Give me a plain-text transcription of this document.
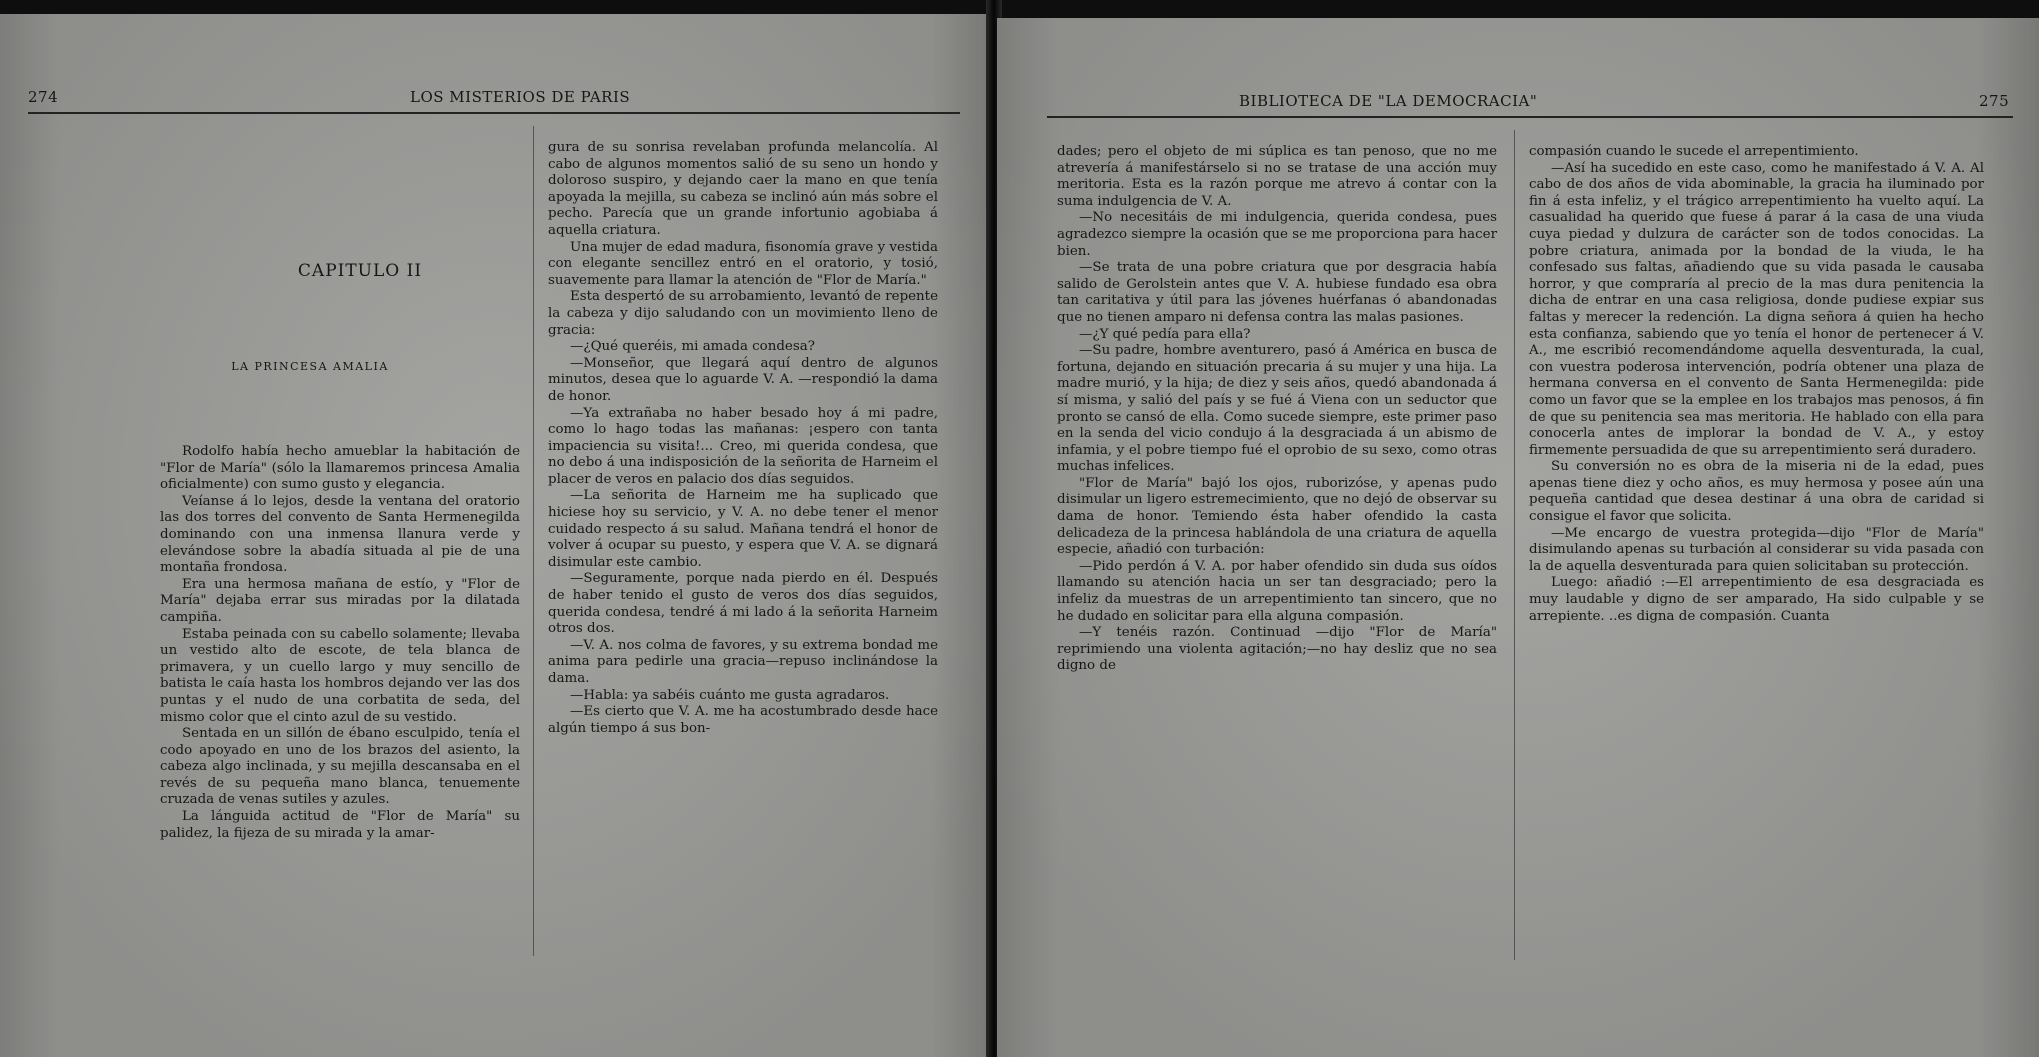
274	LOS MISTERIOS DE PARIS
CAPITULO II
LA PRINCESA AMALIA

Rodolfo había hecho amueblar la habitación de "Flor de María" (sólo la llamaremos princesa Amalia oficialmente) con sumo gusto y elegancia.

Veíanse á lo lejos, desde la ventana del oratorio las dos torres del convento de Santa Hermenegilda dominando con una inmensa llanura verde y elevándose sobre la abadía situada al pie de una montaña frondosa.

Era una hermosa mañana de estío, y "Flor de María" dejaba errar sus miradas por la dilatada campiña.

Estaba peinada con su cabello solamente; llevaba un vestido alto de escote, de tela blanca de primavera, y un cuello largo y muy sencillo de batista le caía hasta los hombros dejando ver las dos puntas y el nudo de una corbatita de seda, del mismo color que el cinto azul de su vestido.

Sentada en un sillón de ébano esculpido, tenía el codo apoyado en uno de los brazos del asiento, la cabeza algo inclinada, y su mejilla descansaba en el revés de su pequeña mano blanca, tenuemente cruzada de venas sutiles y azules.

La lánguida actitud de "Flor de María" su palidez, la fijeza de su mirada y la amar-

gura de su sonrisa revelaban profunda melancolía. Al cabo de algunos momentos salió de su seno un hondo y doloroso suspiro, y dejando caer la mano en que tenía apoyada la mejilla, su cabeza se inclinó aún más sobre el pecho. Parecía que un grande infortunio agobiaba á aquella criatura.

Una mujer de edad madura, fisonomía grave y vestida con elegante sencillez entró en el oratorio, y tosió, suavemente para llamar la atención de "Flor de María."

Esta despertó de su arrobamiento, levantó de repente la cabeza y dijo saludando con un movimiento lleno de gracia:

—¿Qué queréis, mi amada condesa?

—Monseñor, que llegará aquí dentro de algunos minutos, desea que lo aguarde V. A. —respondió la dama de honor.

—Ya extrañaba no haber besado hoy á mi padre, como lo hago todas las mañanas: ¡espero con tanta impaciencia su visita!... Creo, mi querida condesa, que no debo á una indisposición de la señorita de Harneim el placer de veros en palacio dos días seguidos.

—La señorita de Harneim me ha suplicado que hiciese hoy su servicio, y V. A. no debe tener el menor cuidado respecto á su salud. Mañana tendrá el honor de volver á ocupar su puesto, y espera que V. A. se dignará disimular este cambio.

—Seguramente, porque nada pierdo en él. Después de haber tenido el gusto de veros dos días seguidos, querida condesa, tendré á mi lado á la señorita Harneim otros dos.

—V. A. nos colma de favores, y su extrema bondad me anima para pedirle una gracia—repuso inclinándose la dama.

—Habla: ya sabéis cuánto me gusta agradaros.

—Es cierto que V. A. me ha acostumbrado desde hace algún tiempo á sus bon-

BIBLIOTECA DE "LA DEMOCRACIA"	275

dades; pero el objeto de mi súplica es tan penoso, que no me atrevería á manifestárselo si no se tratase de una acción muy meritoria. Esta es la razón porque me atrevo á contar con la suma indulgencia de V. A.

—No necesitáis de mi indulgencia, querida condesa, pues agradezco siempre la ocasión que se me proporciona para hacer bien.

—Se trata de una pobre criatura que por desgracia había salido de Gerolstein antes que V. A. hubiese fundado esa obra tan caritativa y útil para las jóvenes huérfanas ó abandonadas que no tienen amparo ni defensa contra las malas pasiones.

—¿Y qué pedía para ella?

—Su padre, hombre aventurero, pasó á América en busca de fortuna, dejando en situación precaria á su mujer y una hija. La madre murió, y la hija; de diez y seis años, quedó abandonada á sí misma, y salió del país y se fué á Viena con un seductor que pronto se cansó de ella. Como sucede siempre, este primer paso en la senda del vicio condujo á la desgraciada á un abismo de infamia, y el pobre tiempo fué el oprobio de su sexo, como otras muchas infelices.

"Flor de María" bajó los ojos, ruborizóse, y apenas pudo disimular un ligero estremecimiento, que no dejó de observar su dama de honor. Temiendo ésta haber ofendido la casta delicadeza de la princesa hablándola de una criatura de aquella especie, añadió con turbación:

—Pido perdón á V. A. por haber ofendido sin duda sus oídos llamando su atención hacia un ser tan desgraciado; pero la infeliz da muestras de un arrepentimiento tan sincero, que no he dudado en solicitar para ella alguna compasión.

—Y tenéis razón. Continuad —dijo "Flor de María" reprimiendo una violenta agitación;—no hay desliz que no sea digno de

compasión cuando le sucede el arrepentimiento.

—Así ha sucedido en este caso, como he manifestado á V. A. Al cabo de dos años de vida abominable, la gracia ha iluminado por fin á esta infeliz, y el trágico arrepentimiento ha vuelto aquí. La casualidad ha querido que fuese á parar á la casa de una viuda cuya piedad y dulzura de carácter son de todos conocidas. La pobre criatura, animada por la bondad de la viuda, le ha confesado sus faltas, añadiendo que su vida pasada le causaba horror, y que compraría al precio de la mas dura penitencia la dicha de entrar en una casa religiosa, donde pudiese expiar sus faltas y merecer la redención. La digna señora á quien ha hecho esta confianza, sabiendo que yo tenía el honor de pertenecer á V. A., me escribió recomendándome aquella desventurada, la cual, con vuestra poderosa intervención, podría obtener una plaza de hermana conversa en el convento de Santa Hermenegilda: pide como un favor que se la emplee en los trabajos mas penosos, á fin de que su penitencia sea mas meritoria. He hablado con ella para conocerla antes de implorar la bondad de V. A., y estoy firmemente persuadida de que su arrepentimiento será duradero.

Su conversión no es obra de la miseria ni de la edad, pues apenas tiene diez y ocho años, es muy hermosa y posee aún una pequeña cantidad que desea destinar á una obra de caridad si consigue el favor que solicita.

—Me encargo de vuestra protegida—dijo "Flor de María" disimulando apenas su turbación al considerar su vida pasada con la de aquella desventurada para quien solicitaban su protección.

Luego: añadió :—El arrepentimiento de esa desgraciada es muy laudable y digno de ser amparado, Ha sido culpable y se arrepiente. ..es digna de compasión. Cuanta
